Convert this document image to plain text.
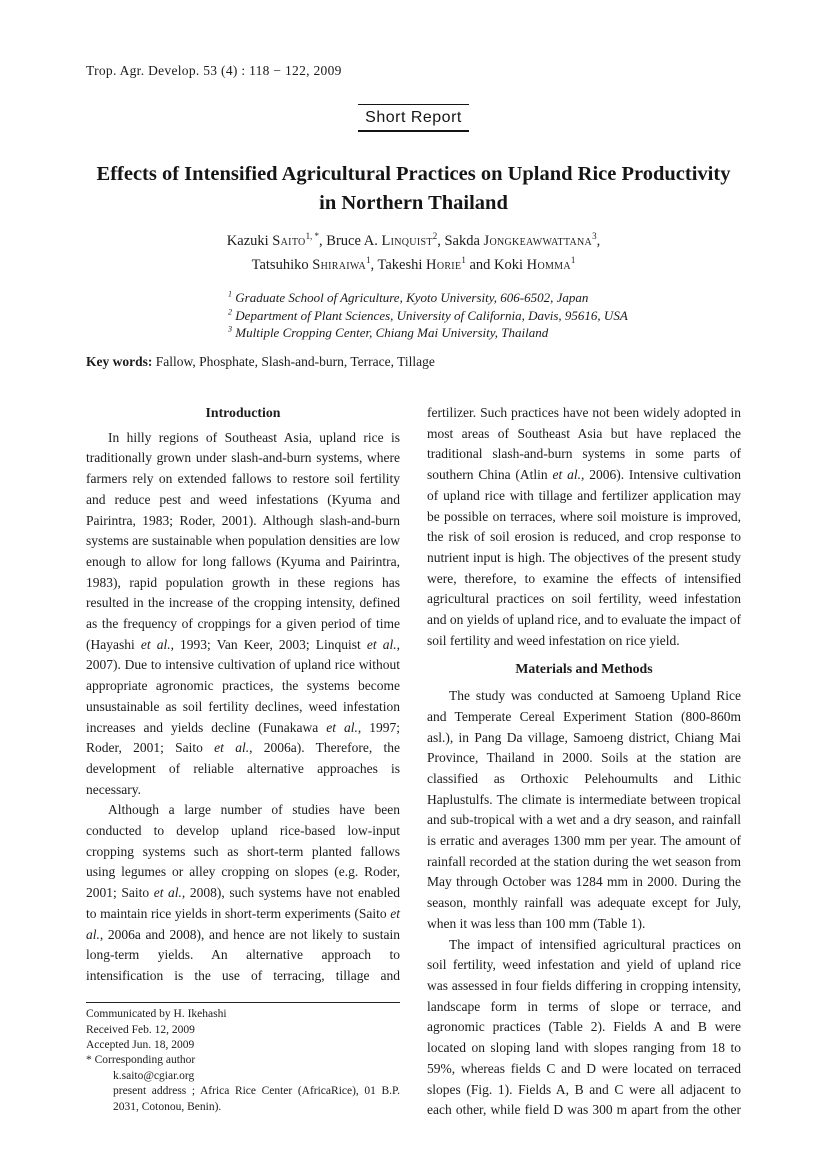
Trop. Agr. Develop. 53 (4) : 118 − 122, 2009
Short Report
Effects of Intensified Agricultural Practices on Upland Rice Productivity
in Northern Thailand
Kazuki Saito$^{1, *}$, Bruce A. Linquist$^2$, Sakda Jongkeawwattana$^3$,
Tatsuhiko Shiraiwa$^1$, Takeshi Horie$^1$ and Koki Homma$^1$
$^1$ Graduate School of Agriculture, Kyoto University, 606-6502, Japan
$^2$ Department of Plant Sciences, University of California, Davis, 95616, USA
$^3$ Multiple Cropping Center, Chiang Mai University, Thailand
Key words: Fallow, Phosphate, Slash-and-burn, Terrace, Tillage
Introduction

In hilly regions of Southeast Asia, upland rice is traditionally grown under slash-and-burn systems, where farmers rely on extended fallows to restore soil fertility and reduce pest and weed infestations (Kyuma and Pairintra, 1983; Roder, 2001). Although slash-and-burn systems are sustainable when population densities are low enough to allow for long fallows (Kyuma and Pairintra, 1983), rapid population growth in these regions has resulted in the increase of the cropping intensity, defined as the frequency of croppings for a given period of time (Hayashi et al., 1993; Van Keer, 2003; Linquist et al., 2007). Due to intensive cultivation of upland rice without appropriate agronomic practices, the systems become unsustainable as soil fertility declines, weed infestation increases and yields decline (Funakawa et al., 1997; Roder, 2001; Saito et al., 2006a). Therefore, the development of reliable alternative approaches is necessary.

Although a large number of studies have been conducted to develop upland rice-based low-input cropping systems such as short-term planted fallows using legumes or alley cropping on slopes (e.g. Roder, 2001; Saito et al., 2008), such systems have not enabled to maintain rice yields in short-term experiments (Saito et al., 2006a and 2008), and hence are not likely to sustain long-term yields. An alternative approach to intensification is the use of terracing, tillage and

Communicated by H. Ikehashi
Received Feb. 12, 2009
Accepted Jun. 18, 2009
* Corresponding author
k.saito@cgiar.org
present address ; Africa Rice Center (AfricaRice), 01 B.P. 2031, Cotonou, Benin).

fertilizer. Such practices have not been widely adopted in most areas of Southeast Asia but have replaced the traditional slash-and-burn systems in some parts of southern China (Atlin et al., 2006). Intensive cultivation of upland rice with tillage and fertilizer application may be possible on terraces, where soil moisture is improved, the risk of soil erosion is reduced, and crop response to nutrient input is high. The objectives of the present study were, therefore, to examine the effects of intensified agricultural practices on soil fertility, weed infestation and on yields of upland rice, and to evaluate the impact of soil fertility and weed infestation on rice yield.

Materials and Methods

The study was conducted at Samoeng Upland Rice and Temperate Cereal Experiment Station (800-860m asl.), in Pang Da village, Samoeng district, Chiang Mai Province, Thailand in 2000. Soils at the station are classified as Orthoxic Pelehoumults and Lithic Haplustulfs. The climate is intermediate between tropical and sub-tropical with a wet and a dry season, and rainfall is erratic and averages 1300 mm per year. The amount of rainfall recorded at the station during the wet season from May through October was 1284 mm in 2000. During the season, monthly rainfall was adequate except for July, when it was less than 100 mm (Table 1).

The impact of intensified agricultural practices on soil fertility, weed infestation and yield of upland rice was assessed in four fields differing in cropping intensity, landscape form in terms of slope or terrace, and agronomic practices (Table 2). Fields A and B were located on sloping land with slopes ranging from 18 to 59%, whereas fields C and D were located on terraced slopes (Fig. 1). Fields A, B and C were all adjacent to each other, while field D was 300 m apart from the other
